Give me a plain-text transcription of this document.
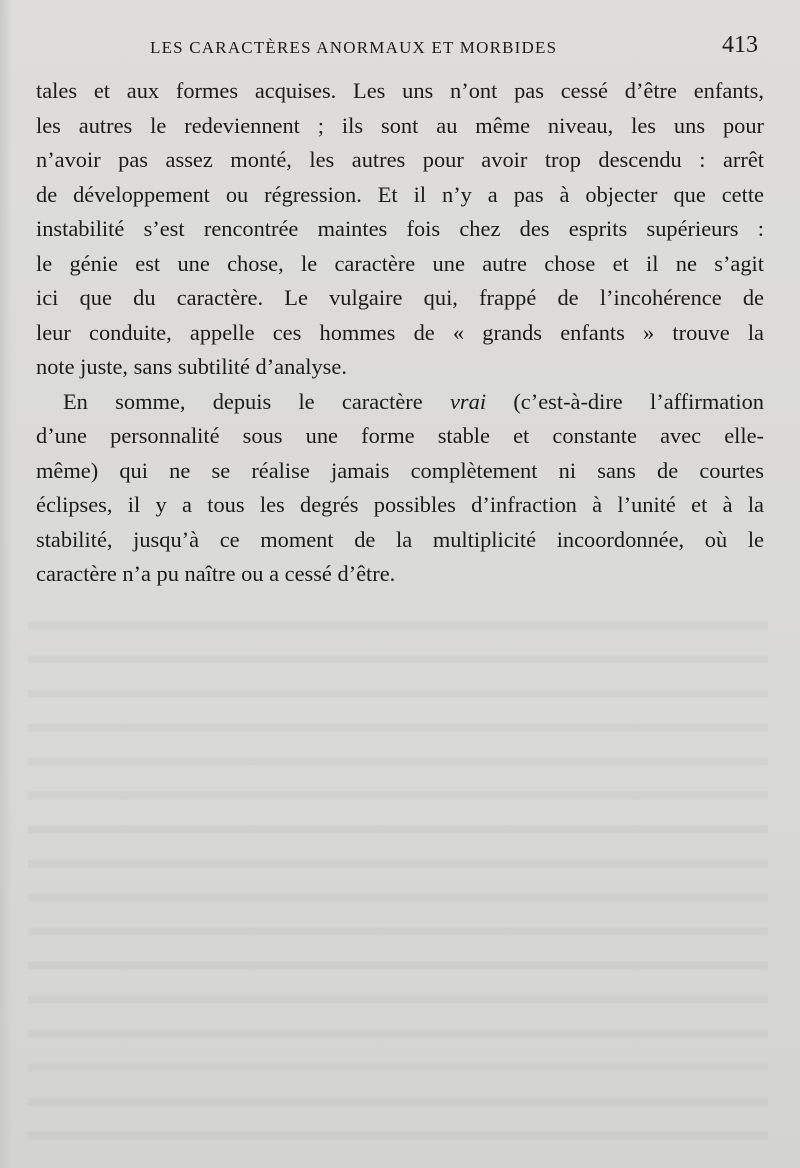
LES CARACTÈRES ANORMAUX ET MORBIDES	413
tales et aux formes acquises. Les uns n’ont pas cessé d’être enfants,
les autres le redeviennent ; ils sont au même niveau, les uns pour
n’avoir pas assez monté, les autres pour avoir trop descendu : arrêt
de développement ou régression. Et il n’y a pas à objecter que cette
instabilité s’est rencontrée maintes fois chez des esprits supérieurs :
le génie est une chose, le caractère une autre chose et il ne s’agit
ici que du caractère. Le vulgaire qui, frappé de l’incohérence de
leur conduite, appelle ces hommes de « grands enfants » trouve la
note juste, sans subtilité d’analyse.
En somme, depuis le caractère vrai (c’est-à-dire l’affirmation
d’une personnalité sous une forme stable et constante avec elle-
même) qui ne se réalise jamais complètement ni sans de courtes
éclipses, il y a tous les degrés possibles d’infraction à l’unité et à la
stabilité, jusqu’à ce moment de la multiplicité incoordonnée, où le
caractère n’a pu naître ou a cessé d’être.
